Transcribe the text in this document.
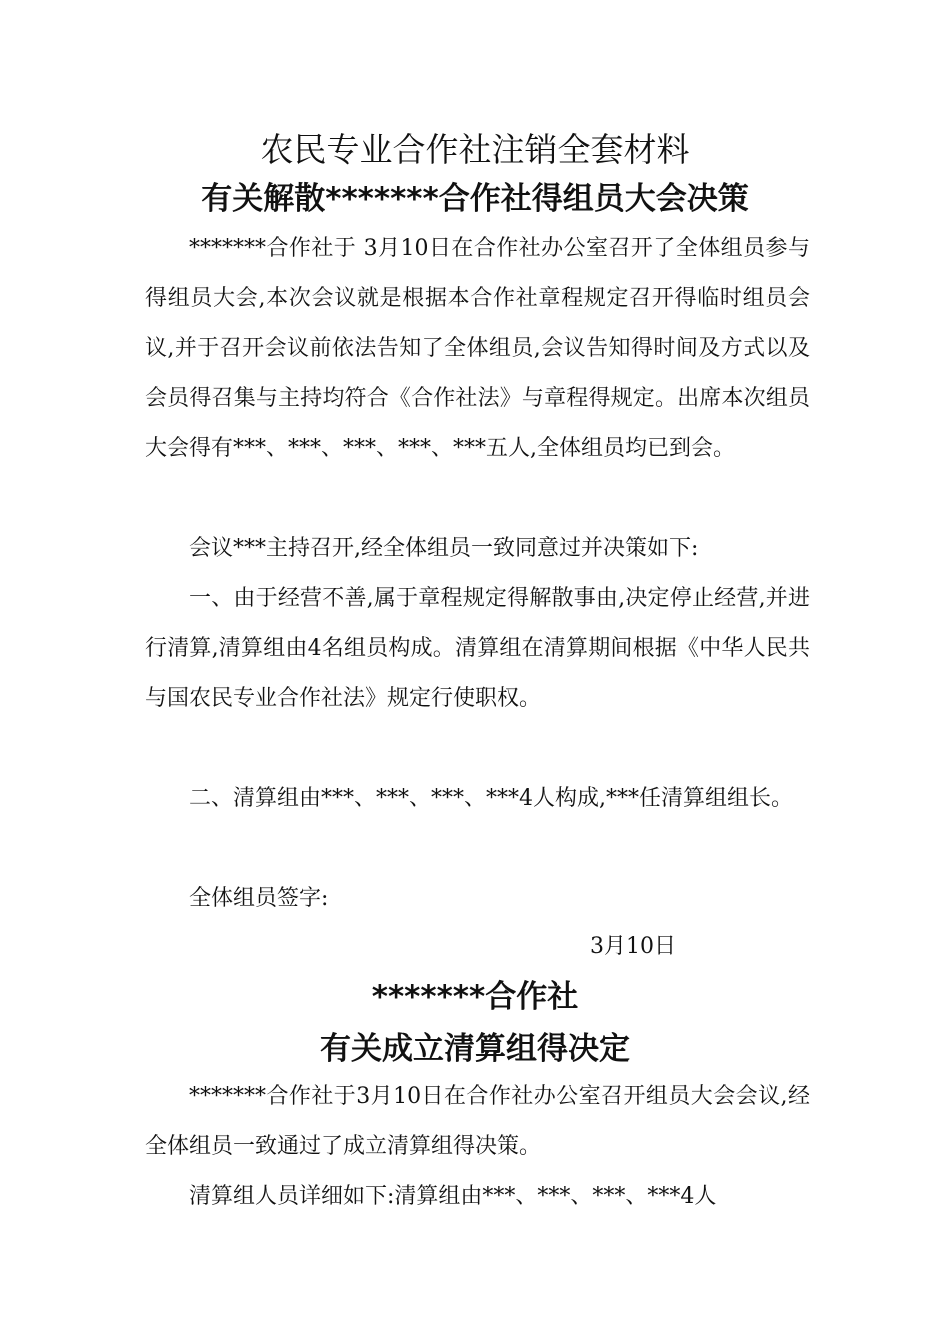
农民专业合作社注销全套材料
有关解散*******合作社得组员大会决策

*******合作社于 3月10日在合作社办公室召开了全体组员参与得组员大会,本次会议就是根据本合作社章程规定召开得临时组员会议,并于召开会议前依法告知了全体组员,会议告知得时间及方式以及会员得召集与主持均符合《合作社法》与章程得规定。出席本次组员大会得有***、***、***、***、***五人,全体组员均已到会。

会议***主持召开,经全体组员一致同意过并决策如下:

一、由于经营不善,属于章程规定得解散事由,决定停止经营,并进行清算,清算组由4名组员构成。清算组在清算期间根据《中华人民共与国农民专业合作社法》规定行使职权。

二、清算组由***、***、***、***4人构成,***任清算组组长。

全体组员签字:

3月10日
*******合作社
有关成立清算组得决定

*******合作社于3月10日在合作社办公室召开组员大会会议,经全体组员一致通过了成立清算组得决策。

清算组人员详细如下:清算组由***、***、***、***4人
